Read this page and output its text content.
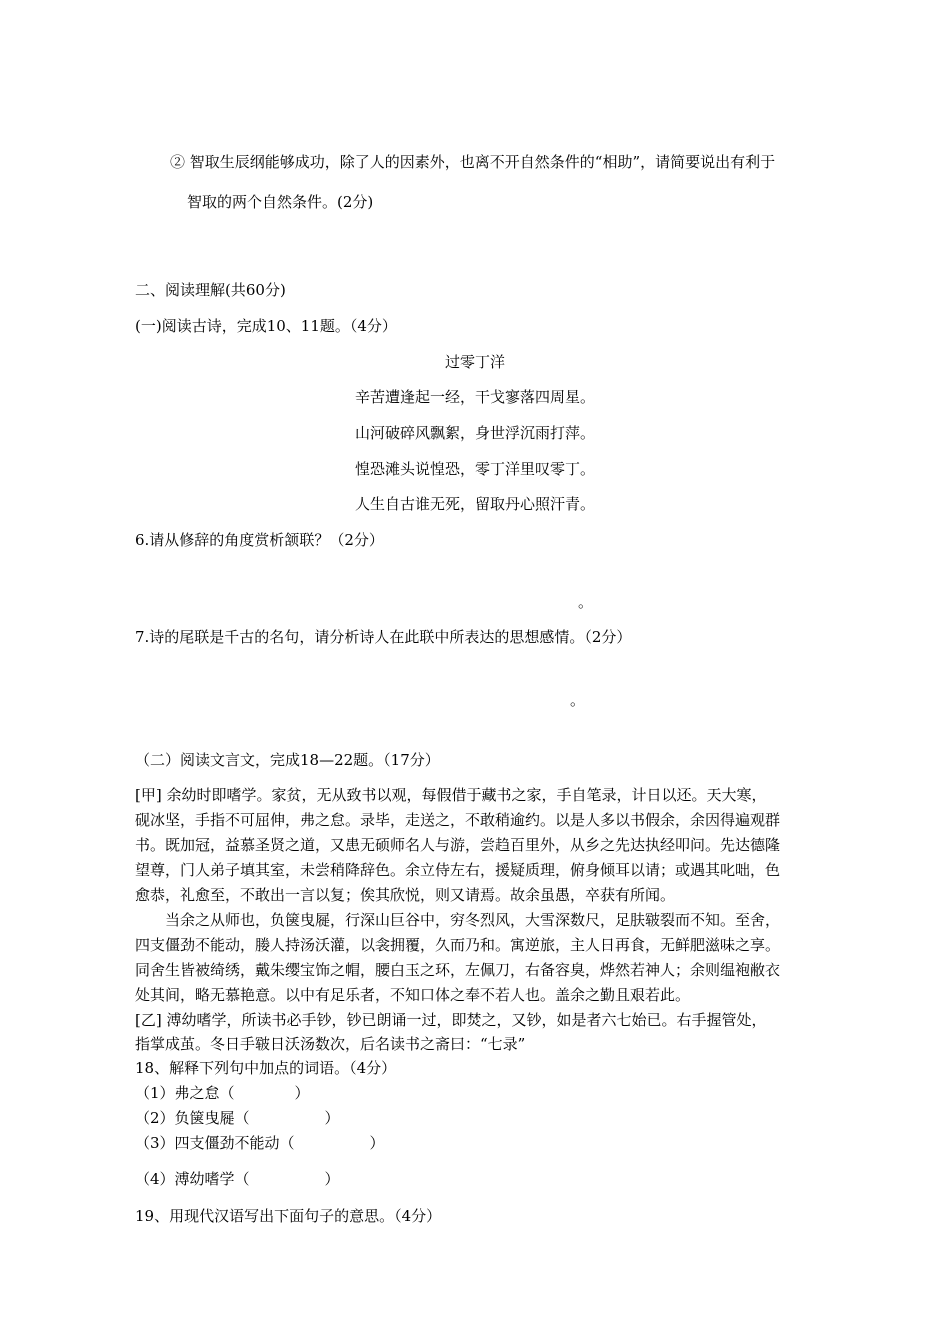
② 智取生辰纲能够成功，除了人的因素外，也离不开自然条件的“相助”，请简要说出有利于
智取的两个自然条件。(2分)
二、阅读理解(共60分)
(一)阅读古诗，完成10、11题。（4分）
过零丁洋
辛苦遭逢起一经，干戈寥落四周星。
山河破碎风飘絮，身世浮沉雨打萍。
惶恐滩头说惶恐，零丁洋里叹零丁。
人生自古谁无死，留取丹心照汗青。
6.请从修辞的角度赏析颔联？（2分）
。
7.诗的尾联是千古的名句，请分析诗人在此联中所表达的思想感情。（2分）
。
（二）阅读文言文，完成18—22题。（17分）
[甲] 余幼时即嗜学。家贫，无从致书以观，每假借于藏书之家，手自笔录，计日以还。天大寒，
砚冰坚，手指不可屈伸，弗之怠。录毕，走送之，不敢稍逾约。以是人多以书假余，余因得遍观群
书。既加冠，益慕圣贤之道，又患无硕师名人与游，尝趋百里外，从乡之先达执经叩问。先达德隆
望尊，门人弟子填其室，未尝稍降辞色。余立侍左右，援疑质理，俯身倾耳以请；或遇其叱咄，色
愈恭，礼愈至，不敢出一言以复；俟其欣悦，则又请焉。故余虽愚，卒获有所闻。
　　当余之从师也，负箧曳屣，行深山巨谷中，穷冬烈风，大雪深数尺，足肤皲裂而不知。至舍，
四支僵劲不能动，媵人持汤沃灌，以衾拥覆，久而乃和。寓逆旅，主人日再食，无鲜肥滋味之享。
同舍生皆被绮绣，戴朱缨宝饰之帽，腰白玉之环，左佩刀，右备容臭，烨然若神人；余则缊袍敝衣
处其间，略无慕艳意。以中有足乐者，不知口体之奉不若人也。盖余之勤且艰若此。
[乙] 溥幼嗜学，所读书必手钞，钞已朗诵一过，即焚之，又钞，如是者六七始已。右手握管处，
指掌成茧。冬日手皲日沃汤数次，后名读书之斋曰：“七录”
18、解释下列句中加点的词语。（4分）
（1）弗之怠（　　　　）
（2）负箧曳屣（　　　　　）
（3）四支僵劲不能动（　　　　　）
（4）溥幼嗜学（　　　　　）
19、用现代汉语写出下面句子的意思。（4分）
